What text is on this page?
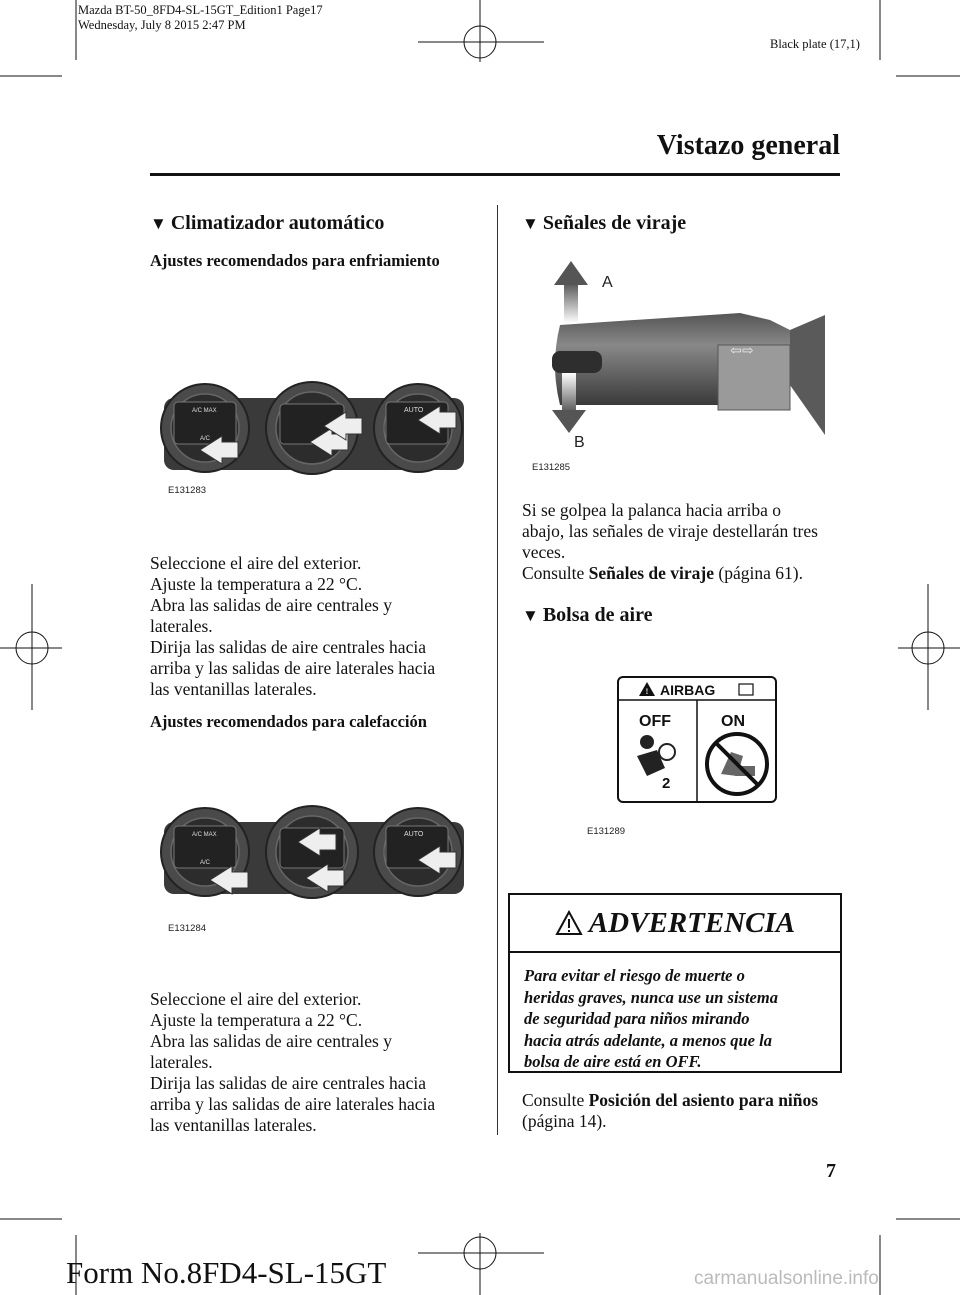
Mazda BT-50_8FD4-SL-15GT_Edition1 Page17
Wednesday, July 8 2015 2:47 PM
Black plate (17,1)
Vistazo general
▼ Climatizador automático
Ajustes recomendados para enfriamiento
A/C MAX	AUTO
A/C
E131283
Seleccione el aire del exterior.
Ajuste la temperatura a 22 °C.
Abra las salidas de aire centrales y
laterales.
Dirija las salidas de aire centrales hacia
arriba y las salidas de aire laterales hacia
las ventanillas laterales.
Ajustes recomendados para calefacción
A/C MAX	AUTO
A/C
E131284
Seleccione el aire del exterior.
Ajuste la temperatura a 22 °C.
Abra las salidas de aire centrales y
laterales.
Dirija las salidas de aire centrales hacia
arriba y las salidas de aire laterales hacia
las ventanillas laterales.
▼ Señales de viraje
⇦⇨
A
B
E131285
Si se golpea la palanca hacia arriba o
abajo, las señales de viraje destellarán tres
veces.
Consulte Señales de viraje (página 61).
▼ Bolsa de aire
! AIRBAG
OFF	ON
2
E131289
ADVERTENCIA
Para evitar el riesgo de muerte o
heridas graves, nunca use un sistema
de seguridad para niños mirando
hacia atrás adelante, a menos que la
bolsa de aire está en OFF.
Consulte Posición del asiento para niños
(página 14).
7
Form No.8FD4-SL-15GT	carmanualsonline.info
